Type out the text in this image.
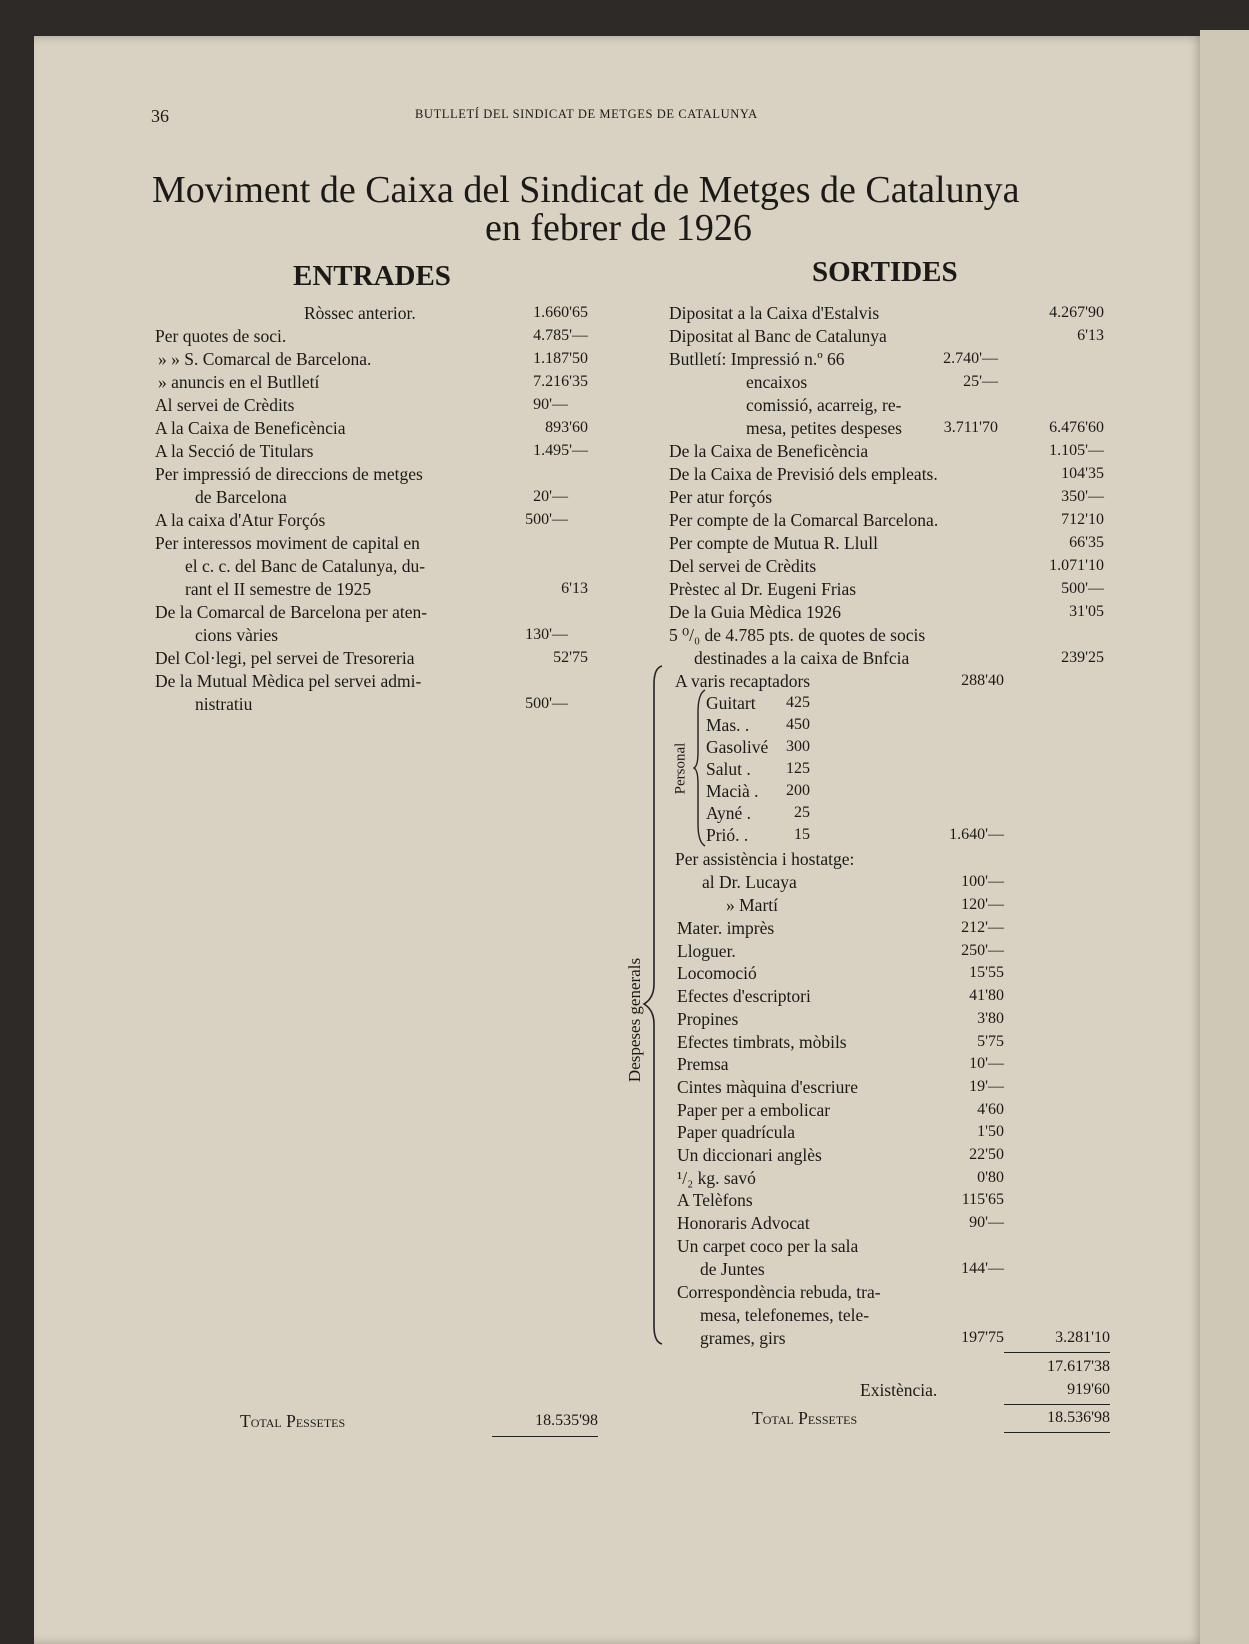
36	BUTLLETÍ DEL SINDICAT DE METGES DE CATALUNYA
Moviment de Caixa del Sindicat de Metges de Catalunya
en febrer de 1926
ENTRADES	SORTIDES
Ròssec anterior.	1.660'65
Per quotes de soci.	4.785'—
» » S. Comarcal de Barcelona.	1.187'50
» anuncis en el Butlletí	7.216'35
Al servei de Crèdits	90'—
A la Caixa de Beneficència	893'60
A la Secció de Titulars	1.495'—
Per impressió de direccions de metges
de Barcelona	20'—
A la caixa d'Atur Forçós	500'—
Per interessos moviment de capital en
el c. c. del Banc de Catalunya, du-
rant el II semestre de 1925	6'13
De la Comarcal de Barcelona per aten-
cions vàries	130'—
Del Col·legi, pel servei de Tresoreria	52'75
De la Mutual Mèdica pel servei admi-
nistratiu	500'—
Total Pessetes	18.535'98
Dipositat a la Caixa d'Estalvis	4.267'90
Dipositat al Banc de Catalunya	6'13
Butlletí: Impressió n.º 66	2.740'—
encaixos	25'—
comissió, acarreig, re-
mesa, petites despeses	3.711'70	6.476'60
De la Caixa de Beneficència	1.105'—
De la Caixa de Previsió dels empleats.	104'35
Per atur forçós	350'—
Per compte de la Comarcal Barcelona.	712'10
Per compte de Mutua R. Llull	66'35
Del servei de Crèdits	1.071'10
Prèstec al Dr. Eugeni Frias	500'—
De la Guia Mèdica 1926	31'05
5 ⁰/₀ de 4.785 pts. de quotes de socis
destinades a la caixa de Bnfcia	239'25
Despeses generals
A varis recaptadors	288'40
Personal
Guitart	425
Mas. .	450
Gasolivé	300
Salut .	125
Macià .	200
Ayné .	25
Prió. .	15	1.640'—
Per assistència i hostatge:
al Dr. Lucaya	100'—
» Martí	120'—
Mater. imprès	212'—
Lloguer.	250'—
Locomoció	15'55
Efectes d'escriptori	41'80
Propines	3'80
Efectes timbrats, mòbils	5'75
Premsa	10'—
Cintes màquina d'escriure	19'—
Paper per a embolicar	4'60
Paper quadrícula	1'50
Un diccionari anglès	22'50
¹/₂ kg. savó	0'80
A Telèfons	115'65
Honoraris Advocat	90'—
Un carpet coco per la sala
de Juntes	144'—
Correspondència rebuda, tra-
mesa, telefonemes, tele-
grames, girs	197'75	3.281'10
17.617'38
Existència.	919'60
Total Pessetes	18.536'98
